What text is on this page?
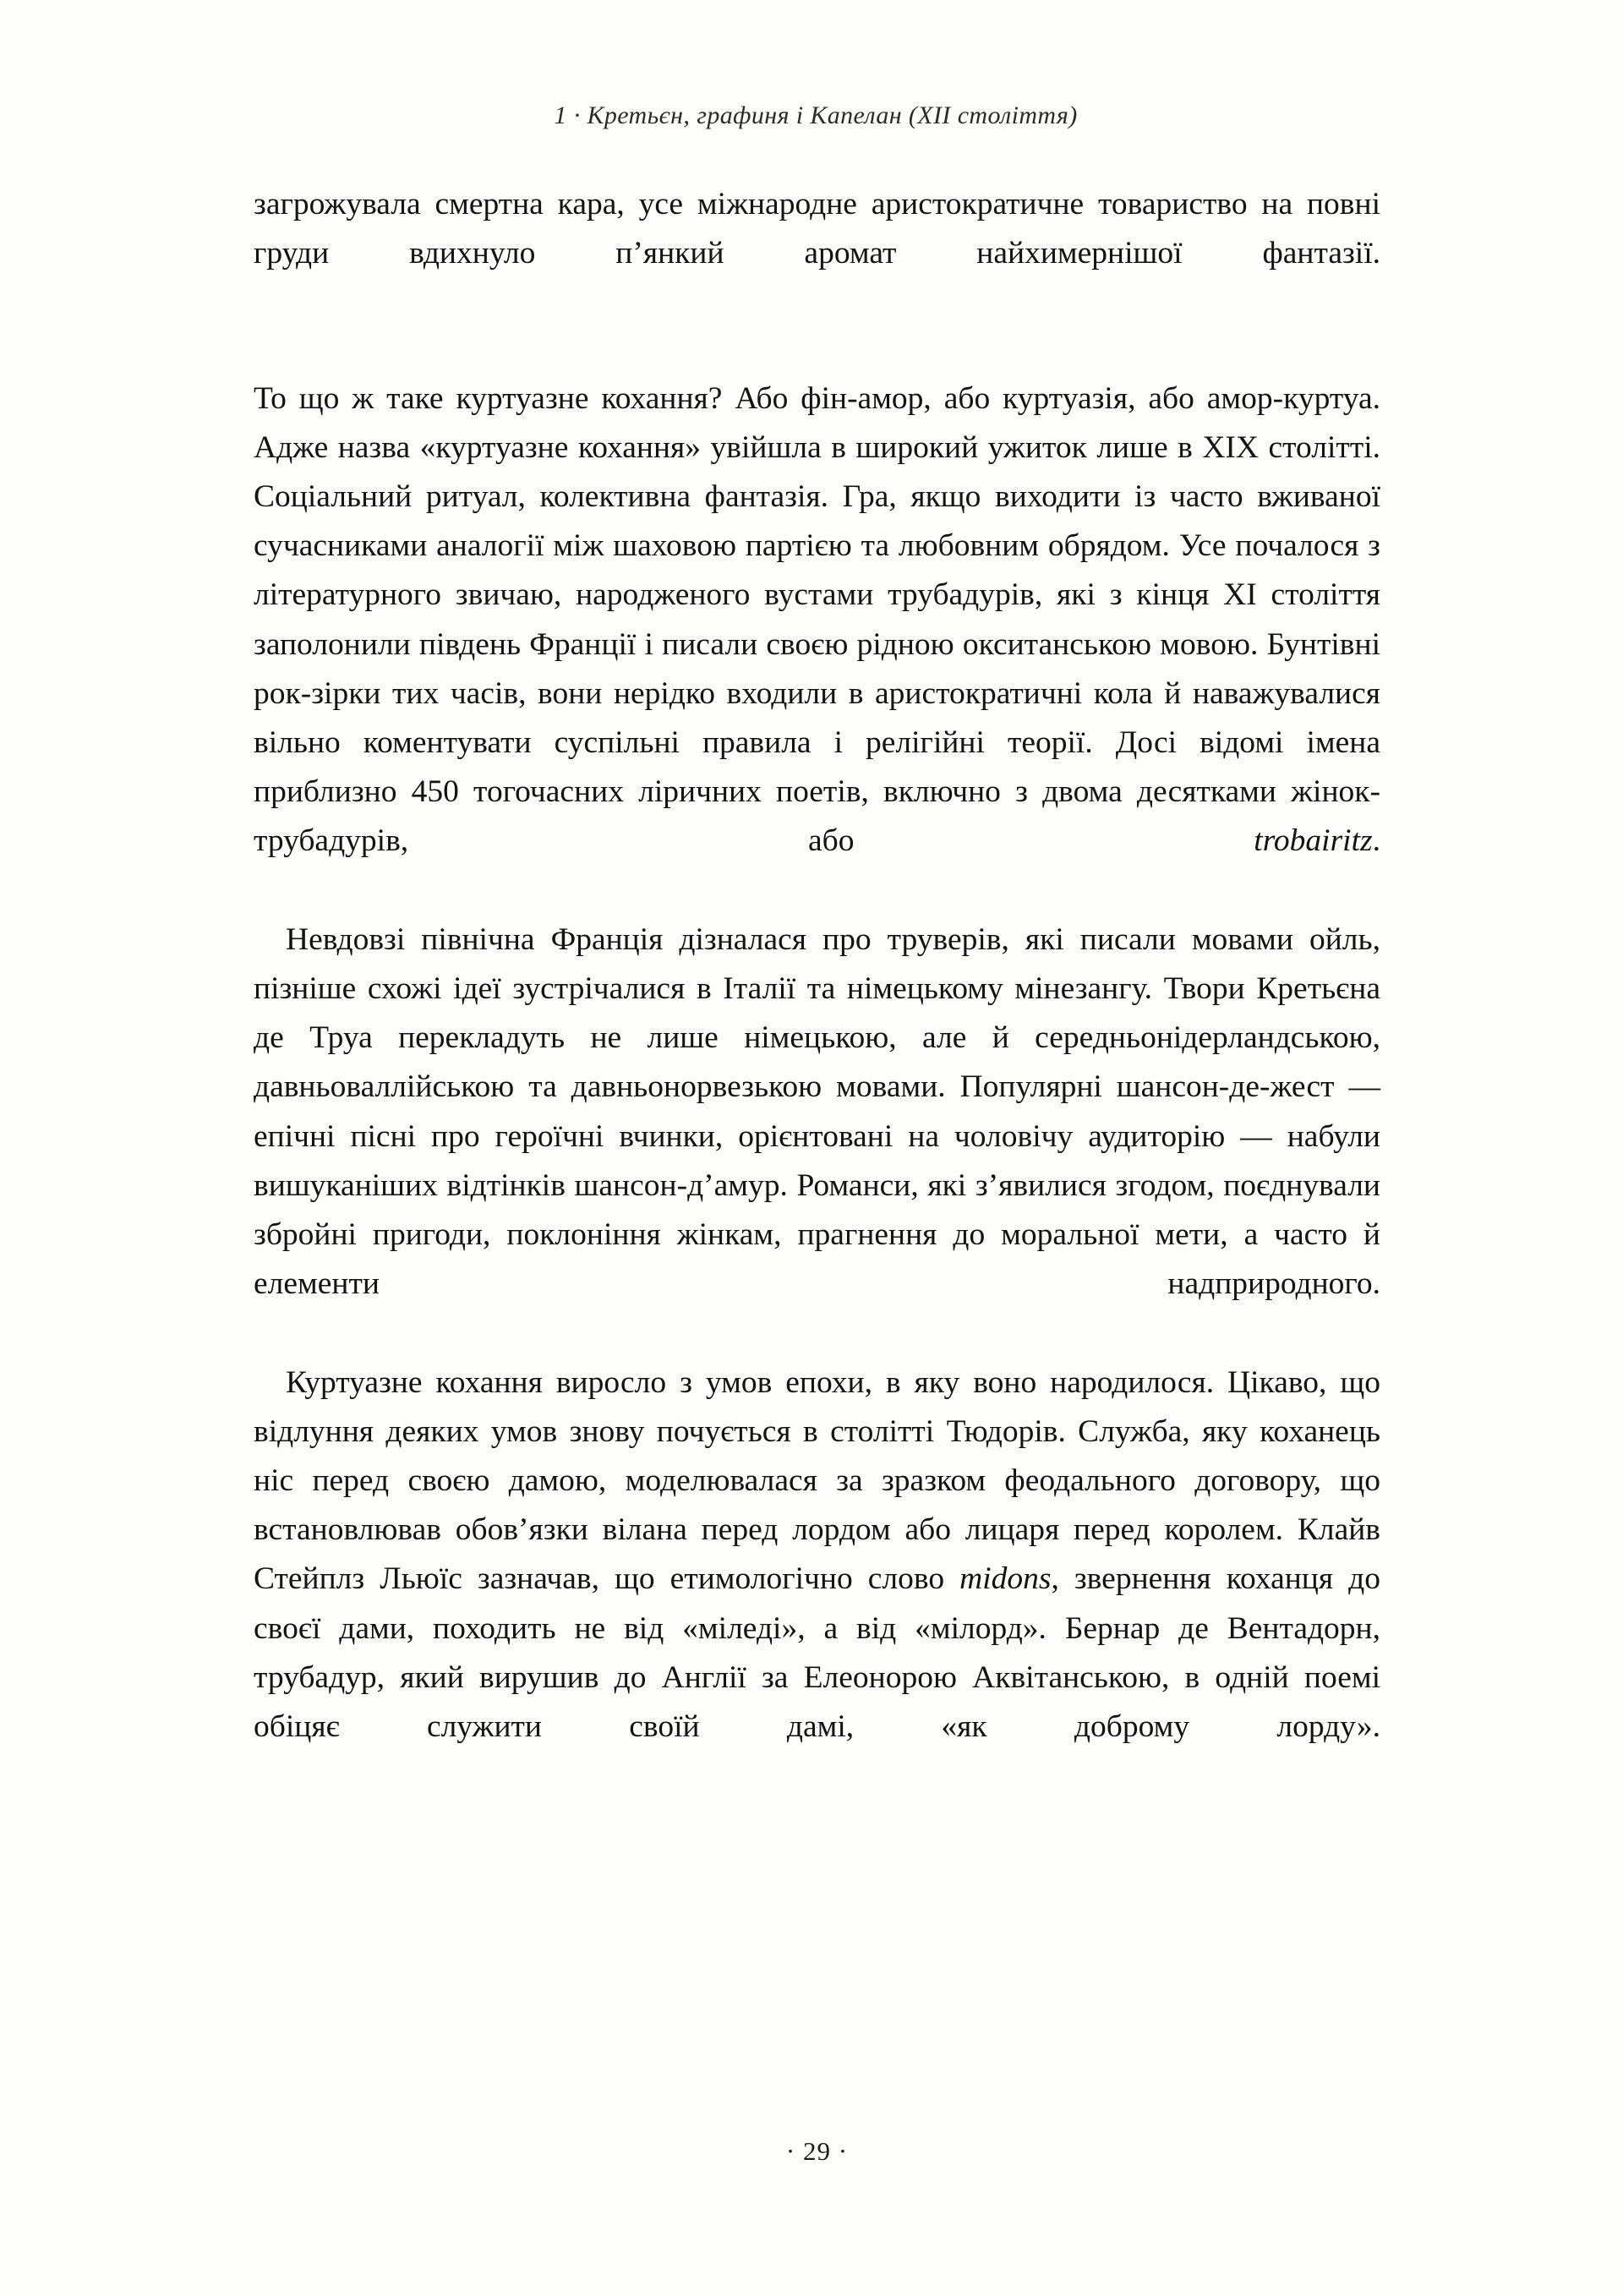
1 · Кретьєн, графиня і Капелан (XII століття)

загрожувала смертна кара, усе міжнародне аристократичне товариство на повні груди вдихнуло п’янкий аромат найхимернішої фантазії.

То що ж таке куртуазне кохання? Або фін-амор, або куртуазія, або амор-куртуа. Адже назва «куртуазне кохання» увійшла в широкий ужиток лише в XIX столітті. Соціальний ритуал, колективна фантазія. Гра, якщо виходити із часто вживаної сучасниками аналогії між шаховою партією та любовним обрядом. Усе почалося з літературного звичаю, народженого вустами трубадурів, які з кінця XI століття заполонили південь Франції і писали своєю рідною окситанською мовою. Бунтівні рок-зірки тих часів, вони нерідко входили в аристократичні кола й наважувалися вільно коментувати суспільні правила і релігійні теорії. Досі відомі імена приблизно 450 тогочасних ліричних поетів, включно з двома десятками жінок-трубадурів, або trobairitz.

Невдовзі північна Франція дізналася про труверів, які писали мовами ойль, пізніше схожі ідеї зустрічалися в Італії та німецькому мінезангу. Твори Кретьєна де Труа перекладуть не лише німецькою, але й середньонідерландською, давньоваллійською та давньонорвезькою мовами. Популярні шансон-де-жест — епічні пісні про героїчні вчинки, орієнтовані на чоловічу аудиторію — набули вишуканіших відтінків шансон-д’амур. Романси, які з’явилися згодом, поєднували збройні пригоди, поклоніння жінкам, прагнення до моральної мети, а часто й елементи надприродного.

Куртуазне кохання виросло з умов епохи, в яку воно народилося. Цікаво, що відлуння деяких умов знову почується в столітті Тюдорів. Служба, яку коханець ніс перед своєю дамою, моделювалася за зразком феодального договору, що встановлював обов’язки вілана перед лордом або лицаря перед королем. Клайв Стейплз Льюїс зазначав, що етимологічно слово midons, звернення коханця до своєї дами, походить не від «міледі», а від «мілорд». Бернар де Вентадорн, трубадур, який вирушив до Англії за Елеонорою Аквітанською, в одній поемі обіцяє служити своїй дамі, «як доброму лорду».

· 29 ·
